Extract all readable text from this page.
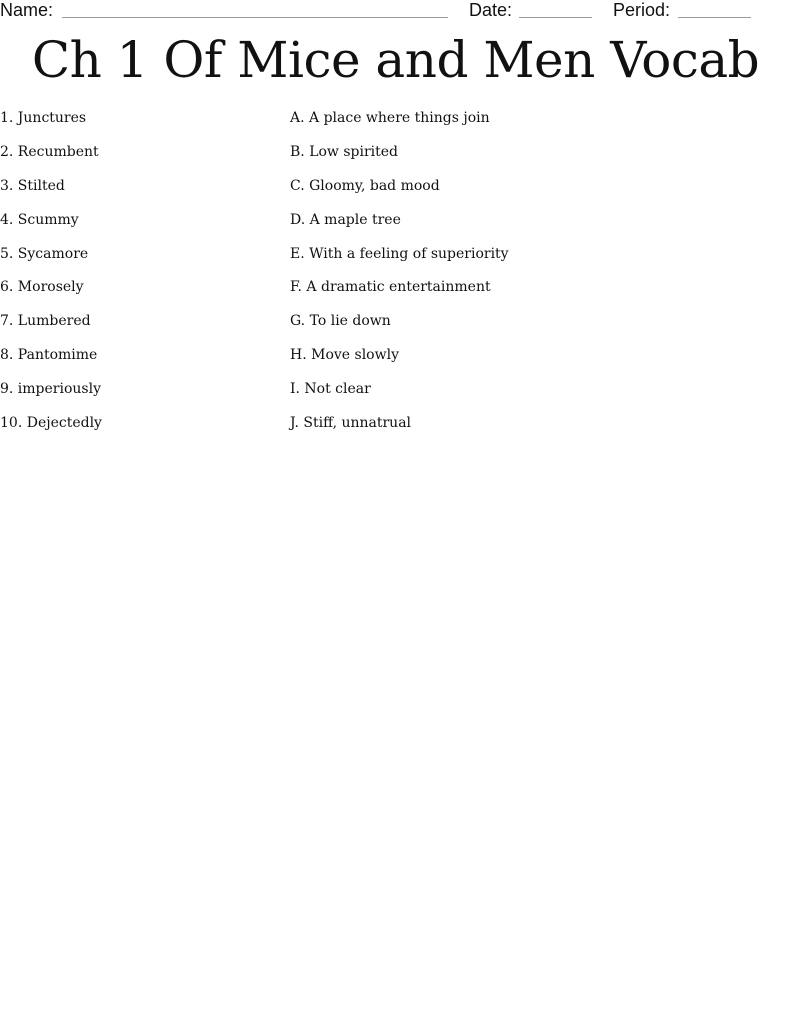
Name:	Date:	Period:
Ch 1 Of Mice and Men Vocab
1. Junctures
2. Recumbent
3. Stilted
4. Scummy
5. Sycamore
6. Morosely
7. Lumbered
8. Pantomime
9. imperiously
10. Dejectedly
A. A place where things join
B. Low spirited
C. Gloomy, bad mood
D. A maple tree
E. With a feeling of superiority
F. A dramatic entertainment
G. To lie down
H. Move slowly
I. Not clear
J. Stiff, unnatrual
